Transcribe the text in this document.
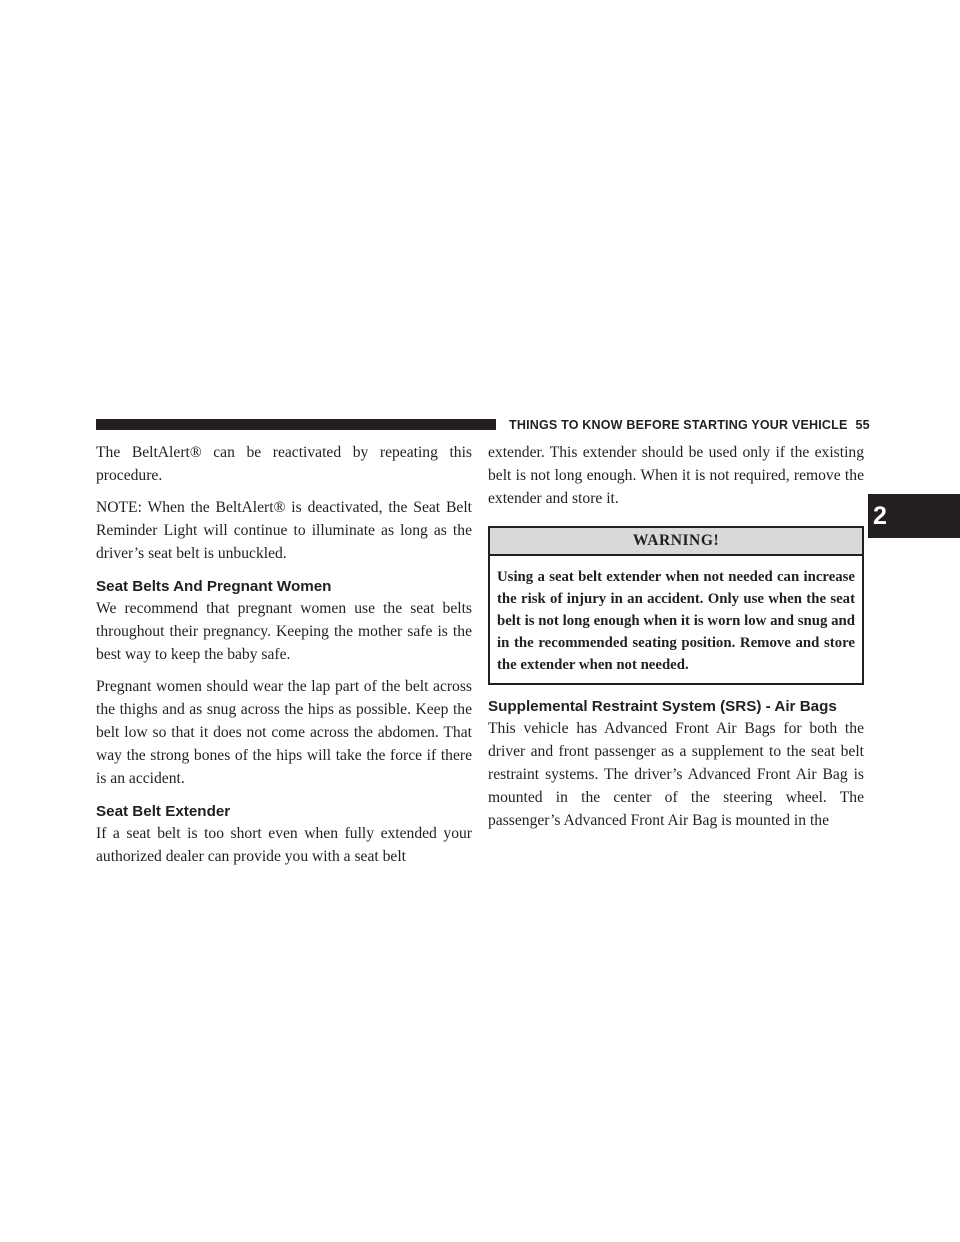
THINGS TO KNOW BEFORE STARTING YOUR VEHICLE 55
2

The BeltAlert® can be reactivated by repeating this procedure.

NOTE: When the BeltAlert® is deactivated, the Seat Belt Reminder Light will continue to illuminate as long as the driver’s seat belt is unbuckled.

Seat Belts And Pregnant Women

We recommend that pregnant women use the seat belts throughout their pregnancy. Keeping the mother safe is the best way to keep the baby safe.

Pregnant women should wear the lap part of the belt across the thighs and as snug across the hips as possible. Keep the belt low so that it does not come across the abdomen. That way the strong bones of the hips will take the force if there is an accident.

Seat Belt Extender

If a seat belt is too short even when fully extended your authorized dealer can provide you with a seat belt

extender. This extender should be used only if the existing belt is not long enough. When it is not required, remove the extender and store it.

WARNING!
Using a seat belt extender when not needed can increase the risk of injury in an accident. Only use when the seat belt is not long enough when it is worn low and snug and in the recommended seating position. Remove and store the extender when not needed.
Supplemental Restraint System (SRS) - Air Bags

This vehicle has Advanced Front Air Bags for both the driver and front passenger as a supplement to the seat belt restraint systems. The driver’s Advanced Front Air Bag is mounted in the center of the steering wheel. The passenger’s Advanced Front Air Bag is mounted in the
